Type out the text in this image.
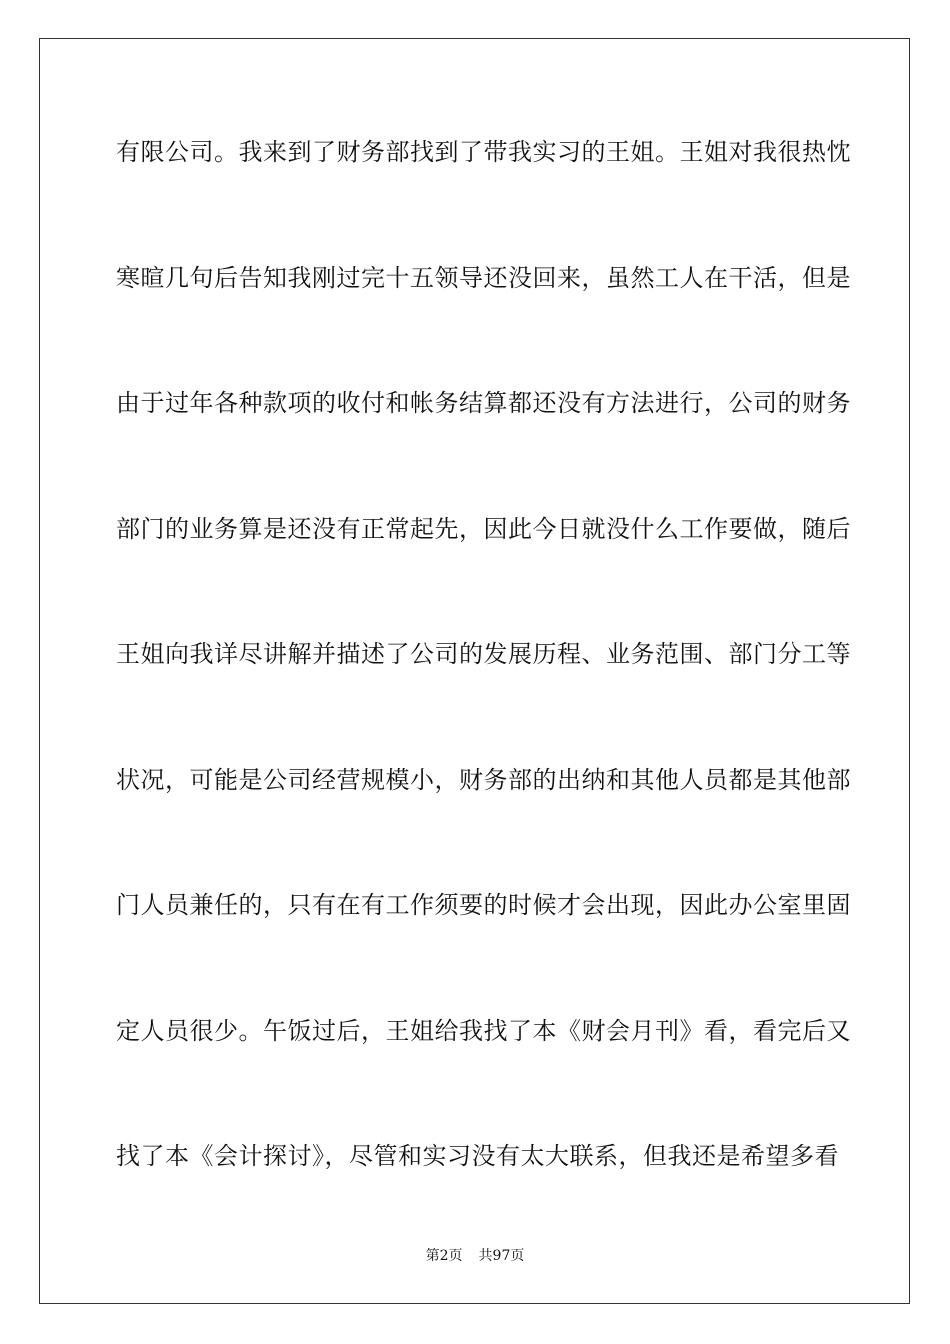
有限公司。我来到了财务部找到了带我实习的王姐。王姐对我很热忱
寒暄几句后告知我刚过完十五领导还没回来，虽然工人在干活，但是
由于过年各种款项的收付和帐务结算都还没有方法进行，公司的财务
部门的业务算是还没有正常起先，因此今日就没什么工作要做，随后
王姐向我详尽讲解并描述了公司的发展历程、业务范围、部门分工等
状况，可能是公司经营规模小，财务部的出纳和其他人员都是其他部
门人员兼任的，只有在有工作须要的时候才会出现，因此办公室里固
定人员很少。午饭过后，王姐给我找了本《财会月刊》看，看完后又
找了本《会计探讨》，尽管和实习没有太大联系，但我还是希望多看
第2页 共97页
